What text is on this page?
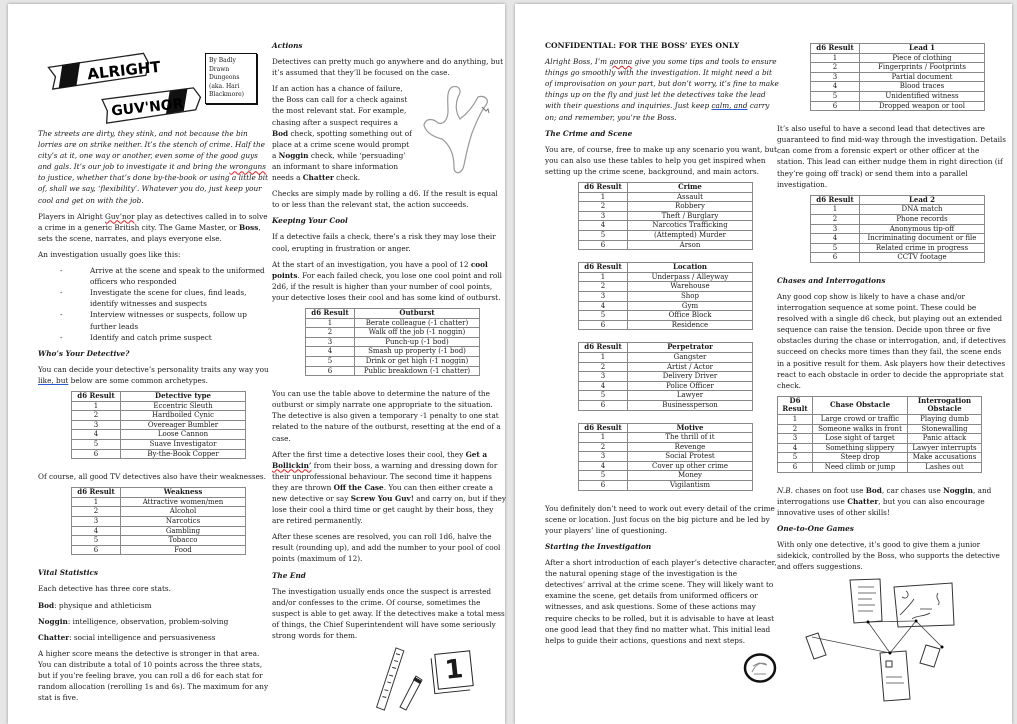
ALRIGHT
GUV'NOR
By Badly Drawn Dungeons (aka. Hari Blackmore)

The streets are dirty, they stink, and not because the bin lorries are on strike neither. It’s the stench of crime. Half the city’s at it, one way or another, even some of the good guys and gals. It’s our job to investigate it and bring the wronguns to justice, whether that’s done by-the-book or using a little bit of, shall we say, ‘flexibility’. Whatever you do, just keep your cool and get on with the job.

Players in Alright Guv’nor play as detectives called in to solve a crime in a generic British city. The Game Master, or Boss, sets the scene, narrates, and plays everyone else.

An investigation usually goes like this:

- Arrive at the scene and speak to the uniformed officers who responded
- Investigate the scene for clues, find leads, identify witnesses and suspects
- Interview witnesses or suspects, follow up further leads
- Identify and catch prime suspect
Who’s Your Detective?

You can decide your detective’s personality traits any way you like, but below are some common archetypes.

d6 Result	Detective type
1	Eccentric Sleuth
2	Hardboiled Cynic
3	Overeager Bumbler
4	Loose Cannon
5	Suave Investigator
6	By-the-Book Copper

Of course, all good TV detectives also have their weaknesses.

d6 Result	Weakness
1	Attractive women/men
2	Alcohol
3	Narcotics
4	Gambling
5	Tobacco
6	Food
Vital Statistics

Each detective has three core stats.

Bod: physique and athleticism

Noggin: intelligence, observation, problem-solving

Chatter: social intelligence and persuasiveness

A higher score means the detective is stronger in that area. You can distribute a total of 10 points across the three stats, but if you’re feeling brave, you can roll a d6 for each stat for random allocation (rerolling 1s and 6s). The maximum for any stat is five.

Actions

Detectives can pretty much go anywhere and do anything, but it’s assumed that they’ll be focused on the case.

If an action has a chance of failure, the Boss can call for a check against the most relevant stat. For example, chasing after a suspect requires a Bod check, spotting something out of place at a crime scene would prompt a Noggin check, while ‘persuading’ an informant to share information needs a Chatter check.

Checks are simply made by rolling a d6. If the result is equal to or less than the relevant stat, the action succeeds.

Keeping Your Cool

If a detective fails a check, there’s a risk they may lose their cool, erupting in frustration or anger.

At the start of an investigation, you have a pool of 12 cool points. For each failed check, you lose one cool point and roll 2d6, if the result is higher than your number of cool points, your detective loses their cool and has some kind of outburst.

d6 Result	Outburst
1	Berate colleague (-1 chatter)
2	Walk off the job (-1 noggin)
3	Punch-up (-1 bod)
4	Smash up property (-1 bod)
5	Drink or get high (-1 noggin)
6	Public breakdown (-1 chatter)

You can use the table above to determine the nature of the outburst or simply narrate one appropriate to the situation. The detective is also given a temporary -1 penalty to one stat related to the nature of the outburst, resetting at the end of a case.

After the first time a detective loses their cool, they Get a Bollickin’ from their boss, a warning and dressing down for their unprofessional behaviour. The second time it happens they are thrown Off the Case. You can then either create a new detective or say Screw You Guv! and carry on, but if they lose their cool a third time or get caught by their boss, they are retired permanently.

After these scenes are resolved, you can roll 1d6, halve the result (rounding up), and add the number to your pool of cool points (maximum of 12).

The End

The investigation usually ends once the suspect is arrested and/or confesses to the crime. Of course, sometimes the suspect is able to get away. If the detectives make a total mess of things, the Chief Superintendent will have some seriously strong words for them.

1
CONFIDENTIAL: FOR THE BOSS’ EYES ONLY

Alright Boss, I’m gonna give you some tips and tools to ensure things go smoothly with the investigation. It might need a bit of improvisation on your part, but don’t worry, it’s fine to make things up on the fly and just let the detectives take the lead with their questions and inquiries. Just keep calm, and carry on; and remember, you’re the Boss.

The Crime and Scene

You are, of course, free to make up any scenario you want, but you can also use these tables to help you get inspired when setting up the crime scene, background, and main actors.

d6 Result	Crime
1	Assault
2	Robbery
3	Theft / Burglary
4	Narcotics Trafficking
5	(Attempted) Murder
6	Arson
d6 Result	Location
1	Underpass / Alleyway
2	Warehouse
3	Shop
4	Gym
5	Office Block
6	Residence
d6 Result	Perpetrator
1	Gangster
2	Artist / Actor
3	Delivery Driver
4	Police Officer
5	Lawyer
6	Businessperson
d6 Result	Motive
1	The thrill of it
2	Revenge
3	Social Protest
4	Cover up other crime
5	Money
6	Vigilantism

You definitely don’t need to work out every detail of the crime scene or location. Just focus on the big picture and be led by your players’ line of questioning.

Starting the Investigation

After a short introduction of each player’s detective character, the natural opening stage of the investigation is the detectives’ arrival at the crime scene. They will likely want to examine the scene, get details from uniformed officers or witnesses, and ask questions. Some of these actions may require checks to be rolled, but it is advisable to have at least one good lead that they find no matter what. This initial lead helps to guide their actions, questions and next steps.

d6 Result	Lead 1
1	Piece of clothing
2	Fingerprints / Footprints
3	Partial document
4	Blood traces
5	Unidentified witness
6	Dropped weapon or tool

It’s also useful to have a second lead that detectives are guaranteed to find mid-way through the investigation. Details can come from a forensic expert or other officer at the station. This lead can either nudge them in right direction (if they’re going off track) or send them into a parallel investigation.

d6 Result	Lead 2
1	DNA match
2	Phone records
3	Anonymous tip-off
4	Incriminating document or file
5	Related crime in progress
6	CCTV footage
Chases and Interrogations

Any good cop show is likely to have a chase and/or interrogation sequence at some point. These could be resolved with a single d6 check, but playing out an extended sequence can raise the tension. Decide upon three or five obstacles during the chase or interrogation, and, if detectives succeed on checks more times than they fail, the scene ends in a positive result for them. Ask players how their detectives react to each obstacle in order to decide the appropriate stat check.

D6 Result	Chase Obstacle	Interrogation Obstacle
1	Large crowd or traffic	Playing dumb
2	Someone walks in front	Stonewalling
3	Lose sight of target	Panic attack
4	Something slippery	Lawyer interrupts
5	Steep drop	Make accusations
6	Need climb or jump	Lashes out

N.B. chases on foot use Bod, car chases use Noggin, and interrogations use Chatter, but you can also encourage innovative uses of other skills!

One-to-One Games

With only one detective, it’s good to give them a junior sidekick, controlled by the Boss, who supports the detective and offers suggestions.
